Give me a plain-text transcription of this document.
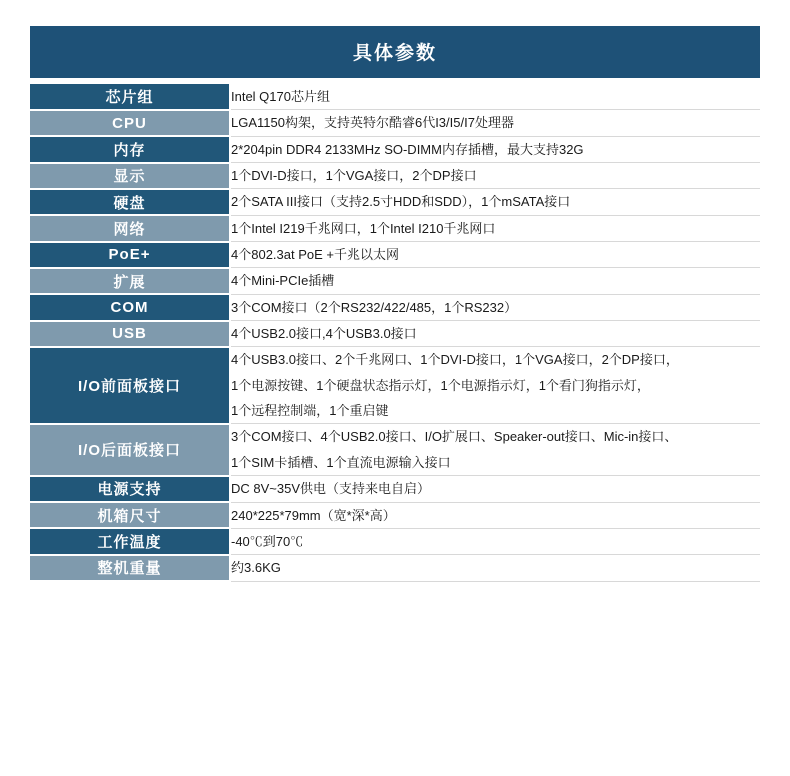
具体参数
芯片组	Intel Q170芯片组

CPU	LGA1150构架，支持英特尔酷睿6代I3/I5/I7处理器

内存	2*204pin DDR4 2133MHz SO-DIMM内存插槽，最大支持32G

显示	1个DVI-D接口，1个VGA接口，2个DP接口

硬盘	2个SATA III接口（支持2.5寸HDD和SDD），1个mSATA接口

网络	1个Intel I219千兆网口，1个Intel I210千兆网口

PoE+	4个802.3at PoE +千兆以太网

扩展	4个Mini-PCIe插槽

COM	3个COM接口（2个RS232/422/485，1个RS232）

USB	4个USB2.0接口,4个USB3.0接口

I/O前面板接口	4个USB3.0接口、2个千兆网口、1个DVI-D接口，1个VGA接口，2个DP接口，
1个电源按键、1个硬盘状态指示灯，1个电源指示灯，1个看门狗指示灯，
1个远程控制端，1个重启键

I/O后面板接口	3个COM接口、4个USB2.0接口、I/O扩展口、Speaker-out接口、Mic-in接口、
1个SIM卡插槽、1个直流电源输入接口

电源支持	DC 8V~35V供电（支持来电自启）

机箱尺寸	240*225*79mm（宽*深*高）

工作温度	-40℃到70℃

整机重量	约3.6KG
